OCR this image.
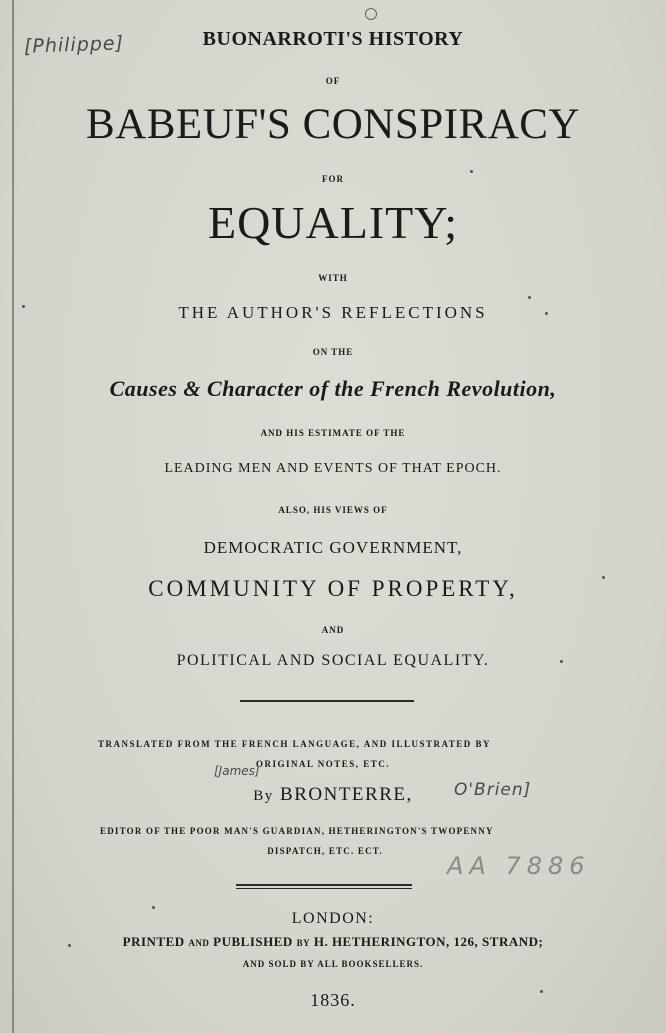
[Philippe]	BUONARROTI'S HISTORY
OF
BABEUF'S CONSPIRACY
FOR
EQUALITY;
WITH
THE AUTHOR'S REFLECTIONS
ON THE
Causes & Character of the French Revolution,
AND HIS ESTIMATE OF THE
LEADING MEN AND EVENTS OF THAT EPOCH.
ALSO, HIS VIEWS OF
DEMOCRATIC GOVERNMENT,
COMMUNITY OF PROPERTY,
AND
POLITICAL AND SOCIAL EQUALITY.
TRANSLATED FROM THE FRENCH LANGUAGE, AND ILLUSTRATED BY
ORIGINAL NOTES, ETC.
[James]
By BRONTERRE,	O'Brien]
EDITOR OF THE POOR MAN'S GUARDIAN, HETHERINGTON'S TWOPENNY
DISPATCH, ETC. ECT.
AA 7886
LONDON:
PRINTED AND PUBLISHED BY H. HETHERINGTON, 126, STRAND;
AND SOLD BY ALL BOOKSELLERS.
1836.
